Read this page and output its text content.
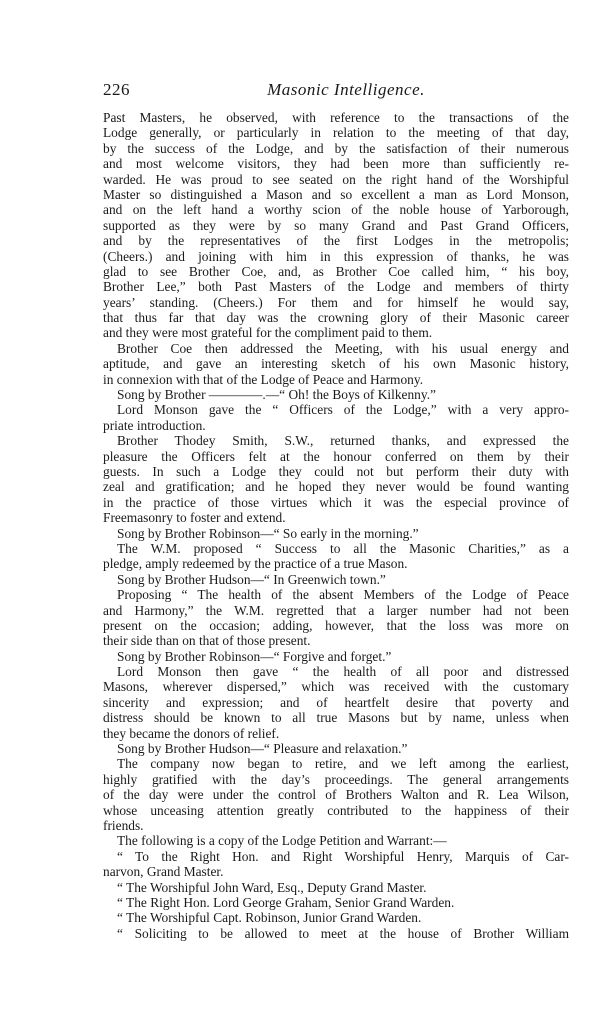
226	Masonic Intelligence.
Past Masters, he observed, with reference to the transactions of the
Lodge generally, or particularly in relation to the meeting of that day,
by the success of the Lodge, and by the satisfaction of their numerous
and most welcome visitors, they had been more than sufficiently re-
warded. He was proud to see seated on the right hand of the Worshipful
Master so distinguished a Mason and so excellent a man as Lord Monson,
and on the left hand a worthy scion of the noble house of Yarborough,
supported as they were by so many Grand and Past Grand Officers,
and by the representatives of the first Lodges in the metropolis;
(Cheers.) and joining with him in this expression of thanks, he was
glad to see Brother Coe, and, as Brother Coe called him, “ his boy,
Brother Lee,” both Past Masters of the Lodge and members of thirty
years’ standing. (Cheers.) For them and for himself he would say,
that thus far that day was the crowning glory of their Masonic career
and they were most grateful for the compliment paid to them.
Brother Coe then addressed the Meeting, with his usual energy and
aptitude, and gave an interesting sketch of his own Masonic history,
in connexion with that of the Lodge of Peace and Harmony.
Song by Brother ————.—“ Oh! the Boys of Kilkenny.”
Lord Monson gave the “ Officers of the Lodge,” with a very appro-
priate introduction.
Brother Thodey Smith, S.W., returned thanks, and expressed the
pleasure the Officers felt at the honour conferred on them by their
guests. In such a Lodge they could not but perform their duty with
zeal and gratification; and he hoped they never would be found wanting
in the practice of those virtues which it was the especial province of
Freemasonry to foster and extend.
Song by Brother Robinson—“ So early in the morning.”
The W.M. proposed “ Success to all the Masonic Charities,” as a
pledge, amply redeemed by the practice of a true Mason.
Song by Brother Hudson—“ In Greenwich town.”
Proposing “ The health of the absent Members of the Lodge of Peace
and Harmony,” the W.M. regretted that a larger number had not been
present on the occasion; adding, however, that the loss was more on
their side than on that of those present.
Song by Brother Robinson—“ Forgive and forget.”
Lord Monson then gave “ the health of all poor and distressed
Masons, wherever dispersed,” which was received with the customary
sincerity and expression; and of heartfelt desire that poverty and
distress should be known to all true Masons but by name, unless when
they became the donors of relief.
Song by Brother Hudson—“ Pleasure and relaxation.”
The company now began to retire, and we left among the earliest,
highly gratified with the day’s proceedings. The general arrangements
of the day were under the control of Brothers Walton and R. Lea Wilson,
whose unceasing attention greatly contributed to the happiness of their
friends.
The following is a copy of the Lodge Petition and Warrant:—
“ To the Right Hon. and Right Worshipful Henry, Marquis of Car-
narvon, Grand Master.
“ The Worshipful John Ward, Esq., Deputy Grand Master.
“ The Right Hon. Lord George Graham, Senior Grand Warden.
“ The Worshipful Capt. Robinson, Junior Grand Warden.
“ Soliciting to be allowed to meet at the house of Brother William
